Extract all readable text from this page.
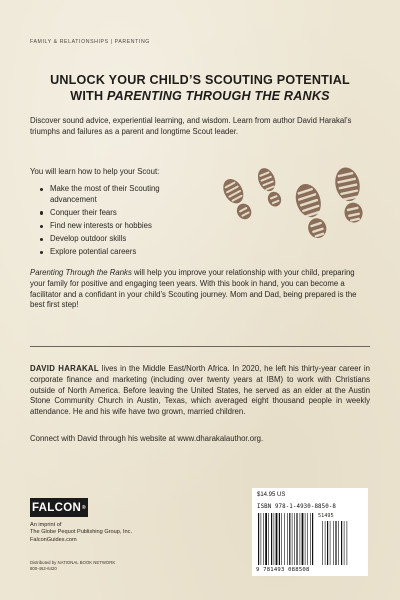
FAMILY & RELATIONSHIPS | PARENTING
UNLOCK YOUR CHILD’S SCOUTING POTENTIAL
WITH PARENTING THROUGH THE RANKS
Discover sound advice, experiential learning, and wisdom. Learn from author David Harakal’s triumphs and failures as a parent and longtime Scout leader.
You will learn how to help your Scout:
Make the most of their Scouting advancement
Conquer their fears
Find new interests or hobbies
Develop outdoor skills
Explore potential careers
Parenting Through the Ranks will help you improve your relationship with your child, preparing your family for positive and engaging teen years. With this book in hand, you can become a facilitator and a confidant in your child’s Scouting journey. Mom and Dad, being prepared is the best first step!
DAVID HARAKAL lives in the Middle East/North Africa. In 2020, he left his thirty-year career in corporate finance and marketing (including over twenty years at IBM) to work with Christians outside of North America. Before leaving the United States, he served as an elder at the Austin Stone Community Church in Austin, Texas, which averaged eight thousand people in weekly attendance. He and his wife have two grown, married children.
Connect with David through his website at www.dharakalauthor.org.
FALCON ®
An imprint of
The Globe Pequot Publishing Group, Inc.
FalconGuides.com
Distributed by NATIONAL BOOK NETWORK
800-462-6420
$14.95 US
ISBN 978-1-4930-8850-8
51495
9 781493 088508
